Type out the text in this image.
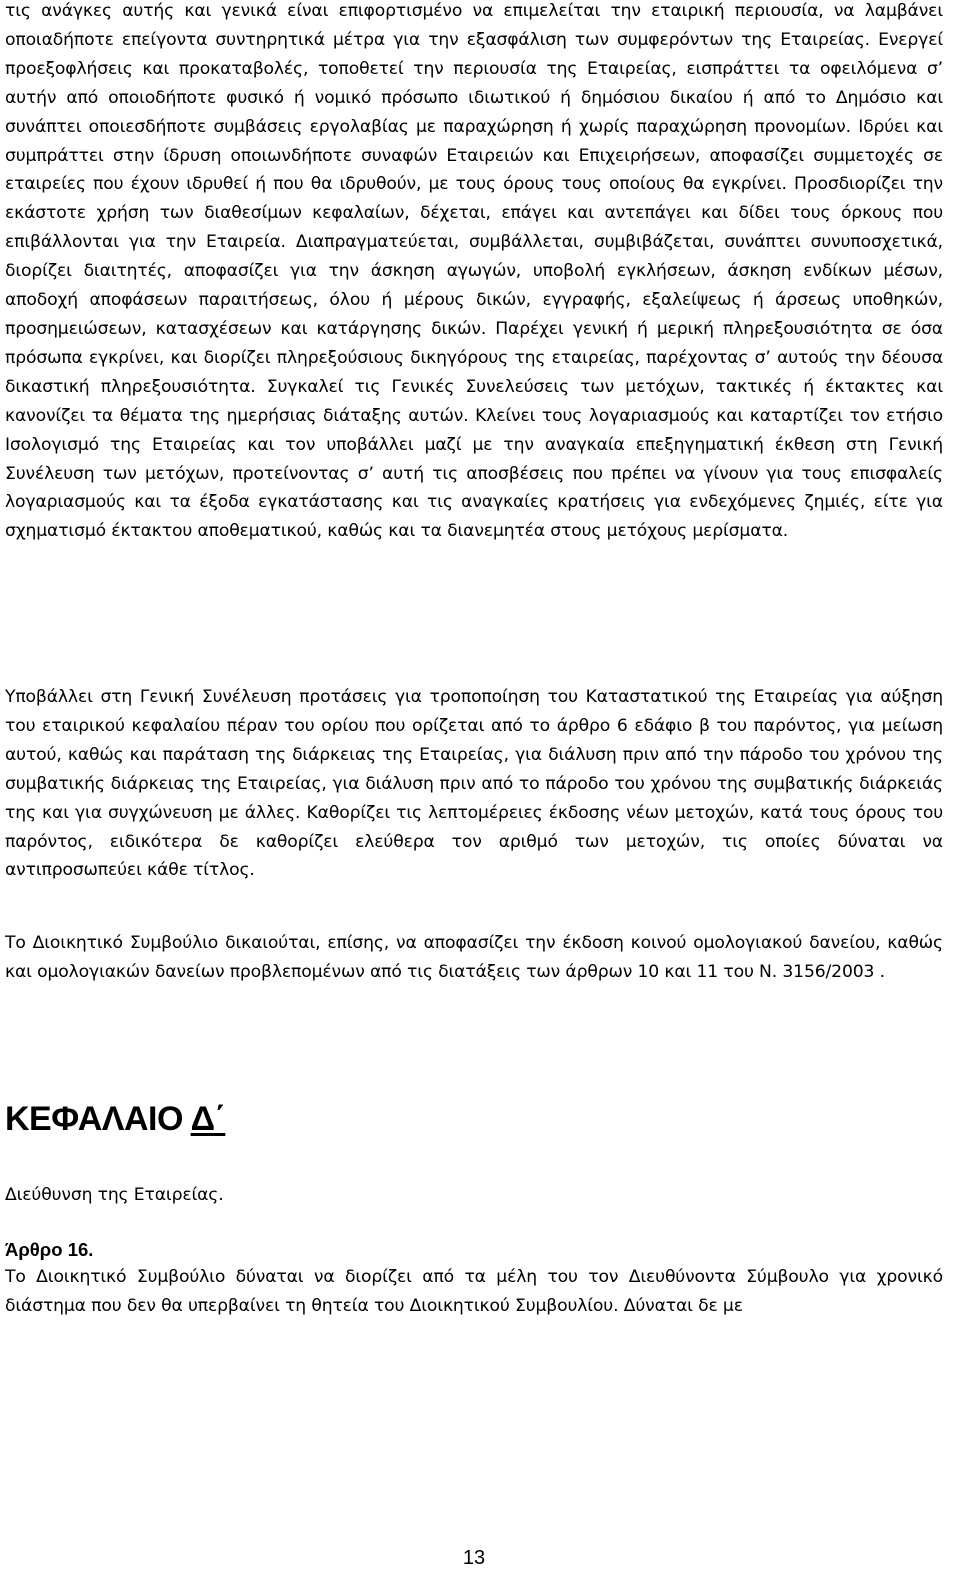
τις ανάγκες αυτής και γενικά είναι επιφορτισμένο να επιμελείται την εταιρική περιουσία, να λαμβάνει οποιαδήποτε επείγοντα συντηρητικά μέτρα για την εξασφάλιση των συμφερόντων της Εταιρείας. Ενεργεί προεξοφλήσεις και προκαταβολές, τοποθετεί την περιουσία της Εταιρείας, εισπράττει τα οφειλόμενα σ’ αυτήν από οποιοδήποτε φυσικό ή νομικό πρόσωπο ιδιωτικού ή δημόσιου δικαίου ή από το Δημόσιο και συνάπτει οποιεσδήποτε συμβάσεις εργολαβίας με παραχώρηση ή χωρίς παραχώρηση προνομίων. Ιδρύει και συμπράττει στην ίδρυση οποιωνδήποτε συναφών Εταιρειών και Επιχειρήσεων, αποφασίζει συμμετοχές σε εταιρείες που έχουν ιδρυθεί ή που θα ιδρυθούν, με τους όρους τους οποίους θα εγκρίνει. Προσδιορίζει την εκάστοτε χρήση των διαθεσίμων κεφαλαίων, δέχεται, επάγει και αντεπάγει και δίδει τους όρκους που επιβάλλονται για την Εταιρεία. Διαπραγματεύεται, συμβάλλεται, συμβιβάζεται, συνάπτει συνυποσχετικά, διορίζει διαιτητές, αποφασίζει για την άσκηση αγωγών, υποβολή εγκλήσεων, άσκηση ενδίκων μέσων, αποδοχή αποφάσεων παραιτήσεως, όλου ή μέρους δικών, εγγραφής, εξαλείψεως ή άρσεως υποθηκών, προσημειώσεων, κατασχέσεων και κατάργησης δικών. Παρέχει γενική ή μερική πληρεξουσιότητα σε όσα πρόσωπα εγκρίνει, και διορίζει πληρεξούσιους δικηγόρους της εταιρείας, παρέχοντας σ’ αυτούς την δέουσα δικαστική πληρεξουσιότητα. Συγκαλεί τις Γενικές Συνελεύσεις των μετόχων, τακτικές ή έκτακτες και κανονίζει τα θέματα της ημερήσιας διάταξης αυτών. Κλείνει τους λογαριασμούς και καταρτίζει τον ετήσιο Ισολογισμό της Εταιρείας και τον υποβάλλει μαζί με την αναγκαία επεξηγηματική έκθεση στη Γενική Συνέλευση των μετόχων, προτείνοντας σ’ αυτή τις αποσβέσεις που πρέπει να γίνουν για τους επισφαλείς λογαριασμούς και τα έξοδα εγκατάστασης και τις αναγκαίες κρατήσεις για ενδεχόμενες ζημιές, είτε για σχηματισμό έκτακτου αποθεματικού, καθώς και τα διανεμητέα στους μετόχους μερίσματα.

Υποβάλλει στη Γενική Συνέλευση προτάσεις για τροποποίηση του Καταστατικού της Εταιρείας για αύξηση του εταιρικού κεφαλαίου πέραν του ορίου που ορίζεται από το άρθρο 6 εδάφιο β του παρόντος, για μείωση αυτού, καθώς και παράταση της διάρκειας της Εταιρείας, για διάλυση πριν από την πάροδο του χρόνου της συμβατικής διάρκειας της Εταιρείας, για διάλυση πριν από τo πάροδο του χρόνου της συμβατικής διάρκειάς της και για συγχώνευση με άλλες. Καθορίζει τις λεπτομέρειες έκδοσης νέων μετοχών, κατά τους όρους του παρόντος, ειδικότερα δε καθορίζει ελεύθερα τον αριθμό των μετοχών, τις οποίες δύναται να αντιπροσωπεύει κάθε τίτλος.

Το Διοικητικό Συμβούλιο δικαιούται, επίσης, να αποφασίζει την έκδοση κοινού ομολογιακού δανείου, καθώς και ομολογιακών δανείων προβλεπομένων από τις διατάξεις των άρθρων 10 και 11 του Ν. 3156/2003 .

ΚΕΦΑΛΑΙΟ Δ΄

Διεύθυνση της Εταιρείας.

Άρθρο 16.

Το Διοικητικό Συμβούλιο δύναται να διορίζει από τα μέλη του τον Διευθύνοντα Σύμβουλο για χρονικό διάστημα που δεν θα υπερβαίνει τη θητεία του Διοικητικού Συμβουλίου. Δύναται δε με

13
